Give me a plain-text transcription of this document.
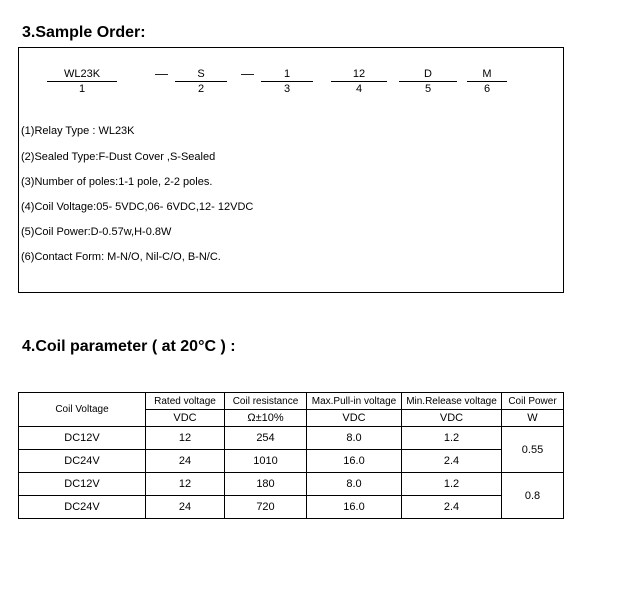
3.Sample Order:
WL23K
1
—	S
2
—	1
3
12
4
D
5
M
6
(1)Relay Type : WL23K
(2)Sealed Type:F-Dust Cover ,S-Sealed
(3)Number of poles:1-1 pole, 2-2 poles.
(4)Coil Voltage:05- 5VDC,06- 6VDC,12- 12VDC
(5)Coil Power:D-0.57w,H-0.8W
(6)Contact Form: M-N/O, Nil-C/O, B-N/C.
4.Coil parameter ( at 20°C ) :
Coil Voltage	Rated voltage	Coil resistance	Max.Pull-in voltage	Min.Release voltage	Coil Power
	VDC	Ω±10%	VDC	VDC	W
DC12V	12	254	8.0	1.2	0.55
DC24V	24	1010	16.0	2.4	
DC12V	12	180	8.0	1.2	0.8
DC24V	24	720	16.0	2.4	
